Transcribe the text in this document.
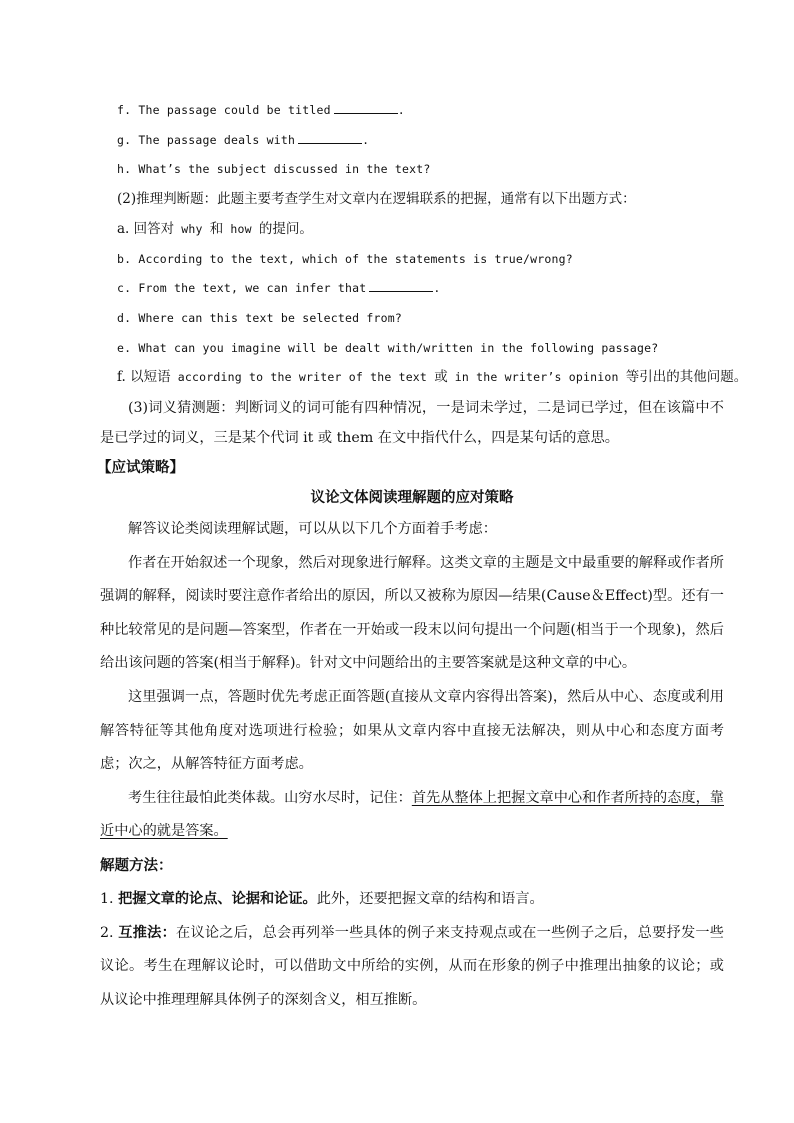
f. The passage could be titled	.
g. The passage deals with	.
h. What’s the subject discussed in the text?
(2)推理判断题：此题主要考查学生对文章内在逻辑联系的把握，通常有以下出题方式：
a. 回答对 why 和 how 的提问。
b. According to the text, which of the statements is true/wrong?
c. From the text, we can infer that	.
d. Where can this text be selected from?
e. What can you imagine will be dealt with/written in the following passage?
f. 以短语 according to the writer of the text 或 in the writer’s opinion 等引出的其他问题。

(3)词义猜测题：判断词义的词可能有四种情况，一是词未学过，二是词已学过，但在该篇中不是已学过的词义，三是某个代词 it 或 them 在文中指代什么，四是某句话的意思。

【应试策略】
议论文体阅读理解题的应对策略

解答议论类阅读理解试题，可以从以下几个方面着手考虑：

作者在开始叙述一个现象，然后对现象进行解释。这类文章的主题是文中最重要的解释或作者所强调的解释，阅读时要注意作者给出的原因，所以又被称为原因—结果(Cause＆Effect)型。还有一种比较常见的是问题—答案型，作者在一开始或一段末以问句提出一个问题(相当于一个现象)，然后给出该问题的答案(相当于解释)。针对文中问题给出的主要答案就是这种文章的中心。

这里强调一点，答题时优先考虑正面答题(直接从文章内容得出答案)，然后从中心、态度或利用解答特征等其他角度对选项进行检验；如果从文章内容中直接无法解决，则从中心和态度方面考虑；次之，从解答特征方面考虑。

考生往往最怕此类体裁。山穷水尽时，记住：首先从整体上把握文章中心和作者所持的态度，靠近中心的就是答案。

解题方法：

1. 把握文章的论点、论据和论证。此外，还要把握文章的结构和语言。

2. 互推法：在议论之后，总会再列举一些具体的例子来支持观点或在一些例子之后，总要抒发一些议论。考生在理解议论时，可以借助文中所给的实例，从而在形象的例子中推理出抽象的议论；或从议论中推理理解具体例子的深刻含义，相互推断。
